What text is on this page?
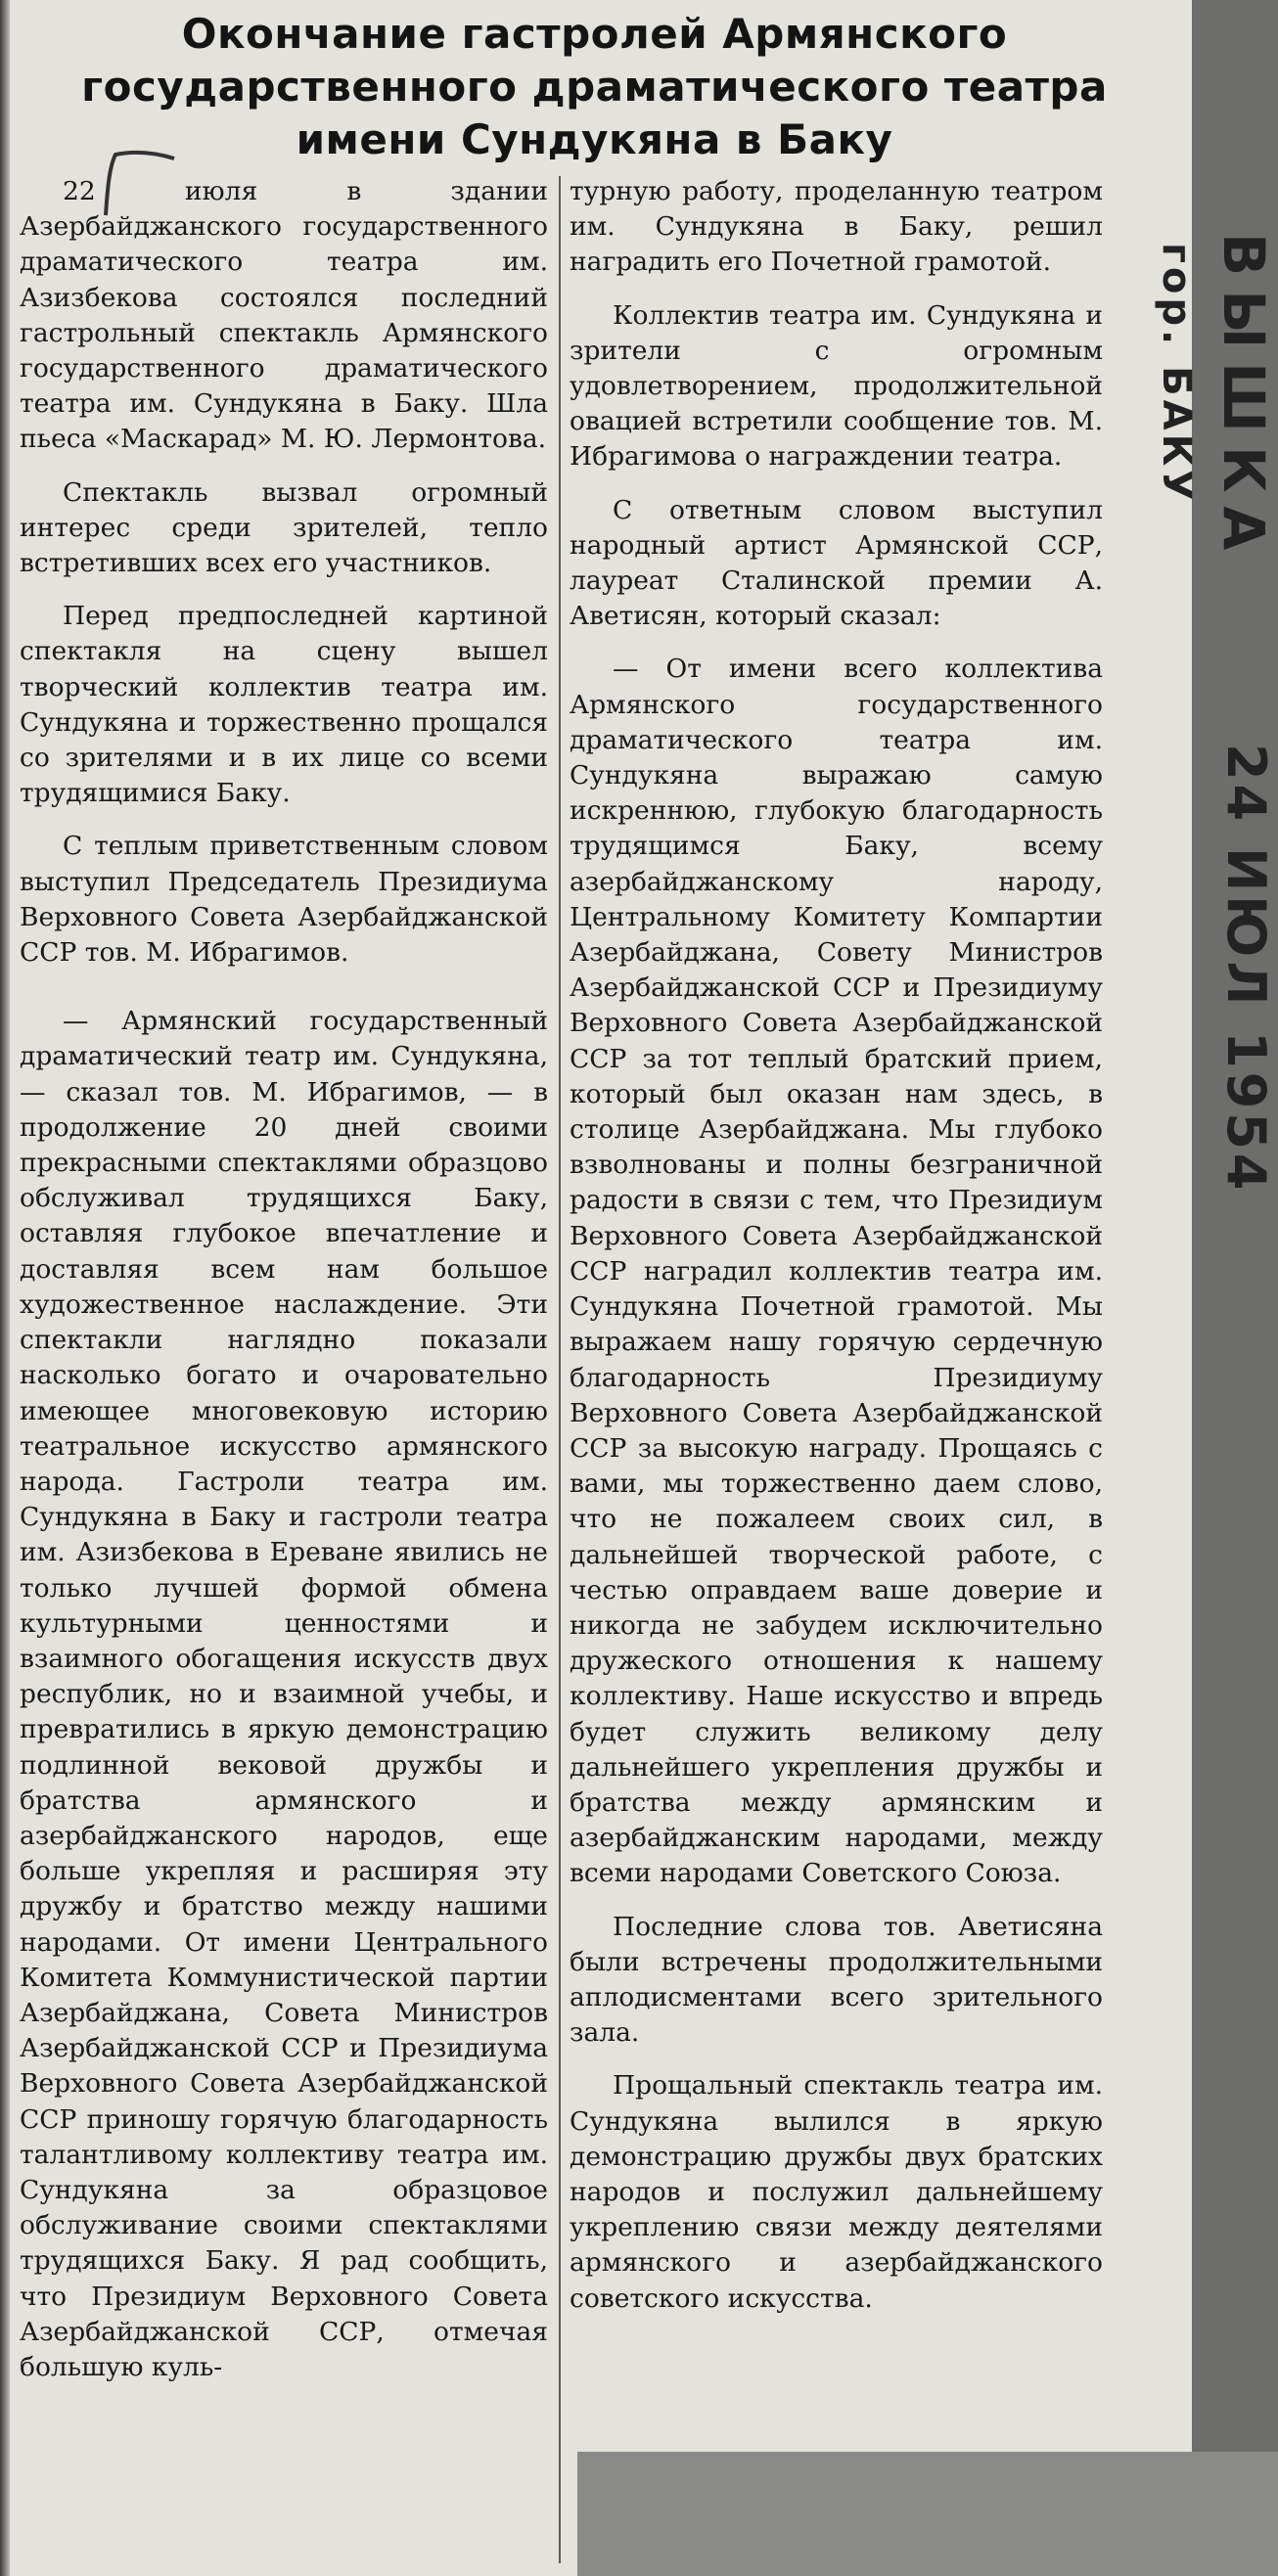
Окончание гастролей Армянского
государственного драматического театра
имени Сундукяна в Баку

22 июля в здании Азербайджанского государственного драматического театра им. Азизбекова состоялся последний гастрольный спектакль Армянского государственного драматического театра им. Сундукяна в Баку. Шла пьеса «Маскарад» М. Ю. Лермонтова.

Спектакль вызвал огромный интерес среди зрителей, тепло встретивших всех его участников.

Перед предпоследней картиной спектакля на сцену вышел творческий коллектив театра им. Сундукяна и торжественно прощался со зрителями и в их лице со всеми трудящимися Баку.

С теплым приветственным словом выступил Председатель Президиума Верховного Совета Азербайджанской ССР тов. М. Ибрагимов.

— Армянский государственный драматический театр им. Сундукяна, — сказал тов. М. Ибрагимов, — в продолжение 20 дней своими прекрасными спектаклями образцово обслуживал трудящихся Баку, оставляя глубокое впечатление и доставляя всем нам большое художественное наслаждение. Эти спектакли наглядно показали насколько богато и очаровательно имеющее многовековую историю театральное искусство армянского народа. Гастроли театра им. Сундукяна в Баку и гастроли театра им. Азизбекова в Ереване явились не только лучшей формой обмена культурными ценностями и взаимного обогащения искусств двух республик, но и взаимной учебы, и превратились в яркую демонстрацию подлинной вековой дружбы и братства армянского и азербайджанского народов, еще больше укрепляя и расширяя эту дружбу и братство между нашими народами. От имени Центрального Комитета Коммунистической партии Азербайджана, Совета Министров Азербайджанской ССР и Президиума Верховного Совета Азербайджанской ССР приношу горячую благодарность талантливому коллективу театра им. Сундукяна за образцовое обслуживание своими спектаклями трудящихся Баку. Я рад сообщить, что Президиум Верховного Совета Азербайджанской ССР, отмечая большую куль-

турную работу, проделанную театром им. Сундукяна в Баку, решил наградить его Почетной грамотой.

Коллектив театра им. Сундукяна и зрители с огромным удовлетворением, продолжительной овацией встретили сообщение тов. М. Ибрагимова о награждении театра.

С ответным словом выступил народный артист Армянской ССР, лауреат Сталинской премии А. Аветисян, который сказал:

— От имени всего коллектива Армянского государственного драматического театра им. Сундукяна выражаю самую искреннюю, глубокую благодарность трудящимся Баку, всему азербайджанскому народу, Центральному Комитету Компартии Азербайджана, Совету Министров Азербайджанской ССР и Президиуму Верховного Совета Азербайджанской ССР за тот теплый братский прием, который был оказан нам здесь, в столице Азербайджана. Мы глубоко взволнованы и полны безграничной радости в связи с тем, что Президиум Верховного Совета Азербайджанской ССР наградил коллектив театра им. Сундукяна Почетной грамотой. Мы выражаем нашу горячую сердечную благодарность Президиуму Верховного Совета Азербайджанской ССР за высокую награду. Прощаясь с вами, мы торжественно даем слово, что не пожалеем своих сил, в дальнейшей творческой работе, с честью оправдаем ваше доверие и никогда не забудем исключительно дружеского отношения к нашему коллективу. Наше искусство и впредь будет служить великому делу дальнейшего укрепления дружбы и братства между армянским и азербайджанским народами, между всеми народами Советского Союза.

Последние слова тов. Аветисяна были встречены продолжительными аплодисментами всего зрительного зала.

Прощальный спектакль театра им. Сундукяна вылился в яркую демонстрацию дружбы двух братских народов и послужил дальнейшему укреплению связи между деятелями армянского и азербайджанского советского искусства.

ВЫШКА
гор. БАКУ
24 ИЮЛ 1954
